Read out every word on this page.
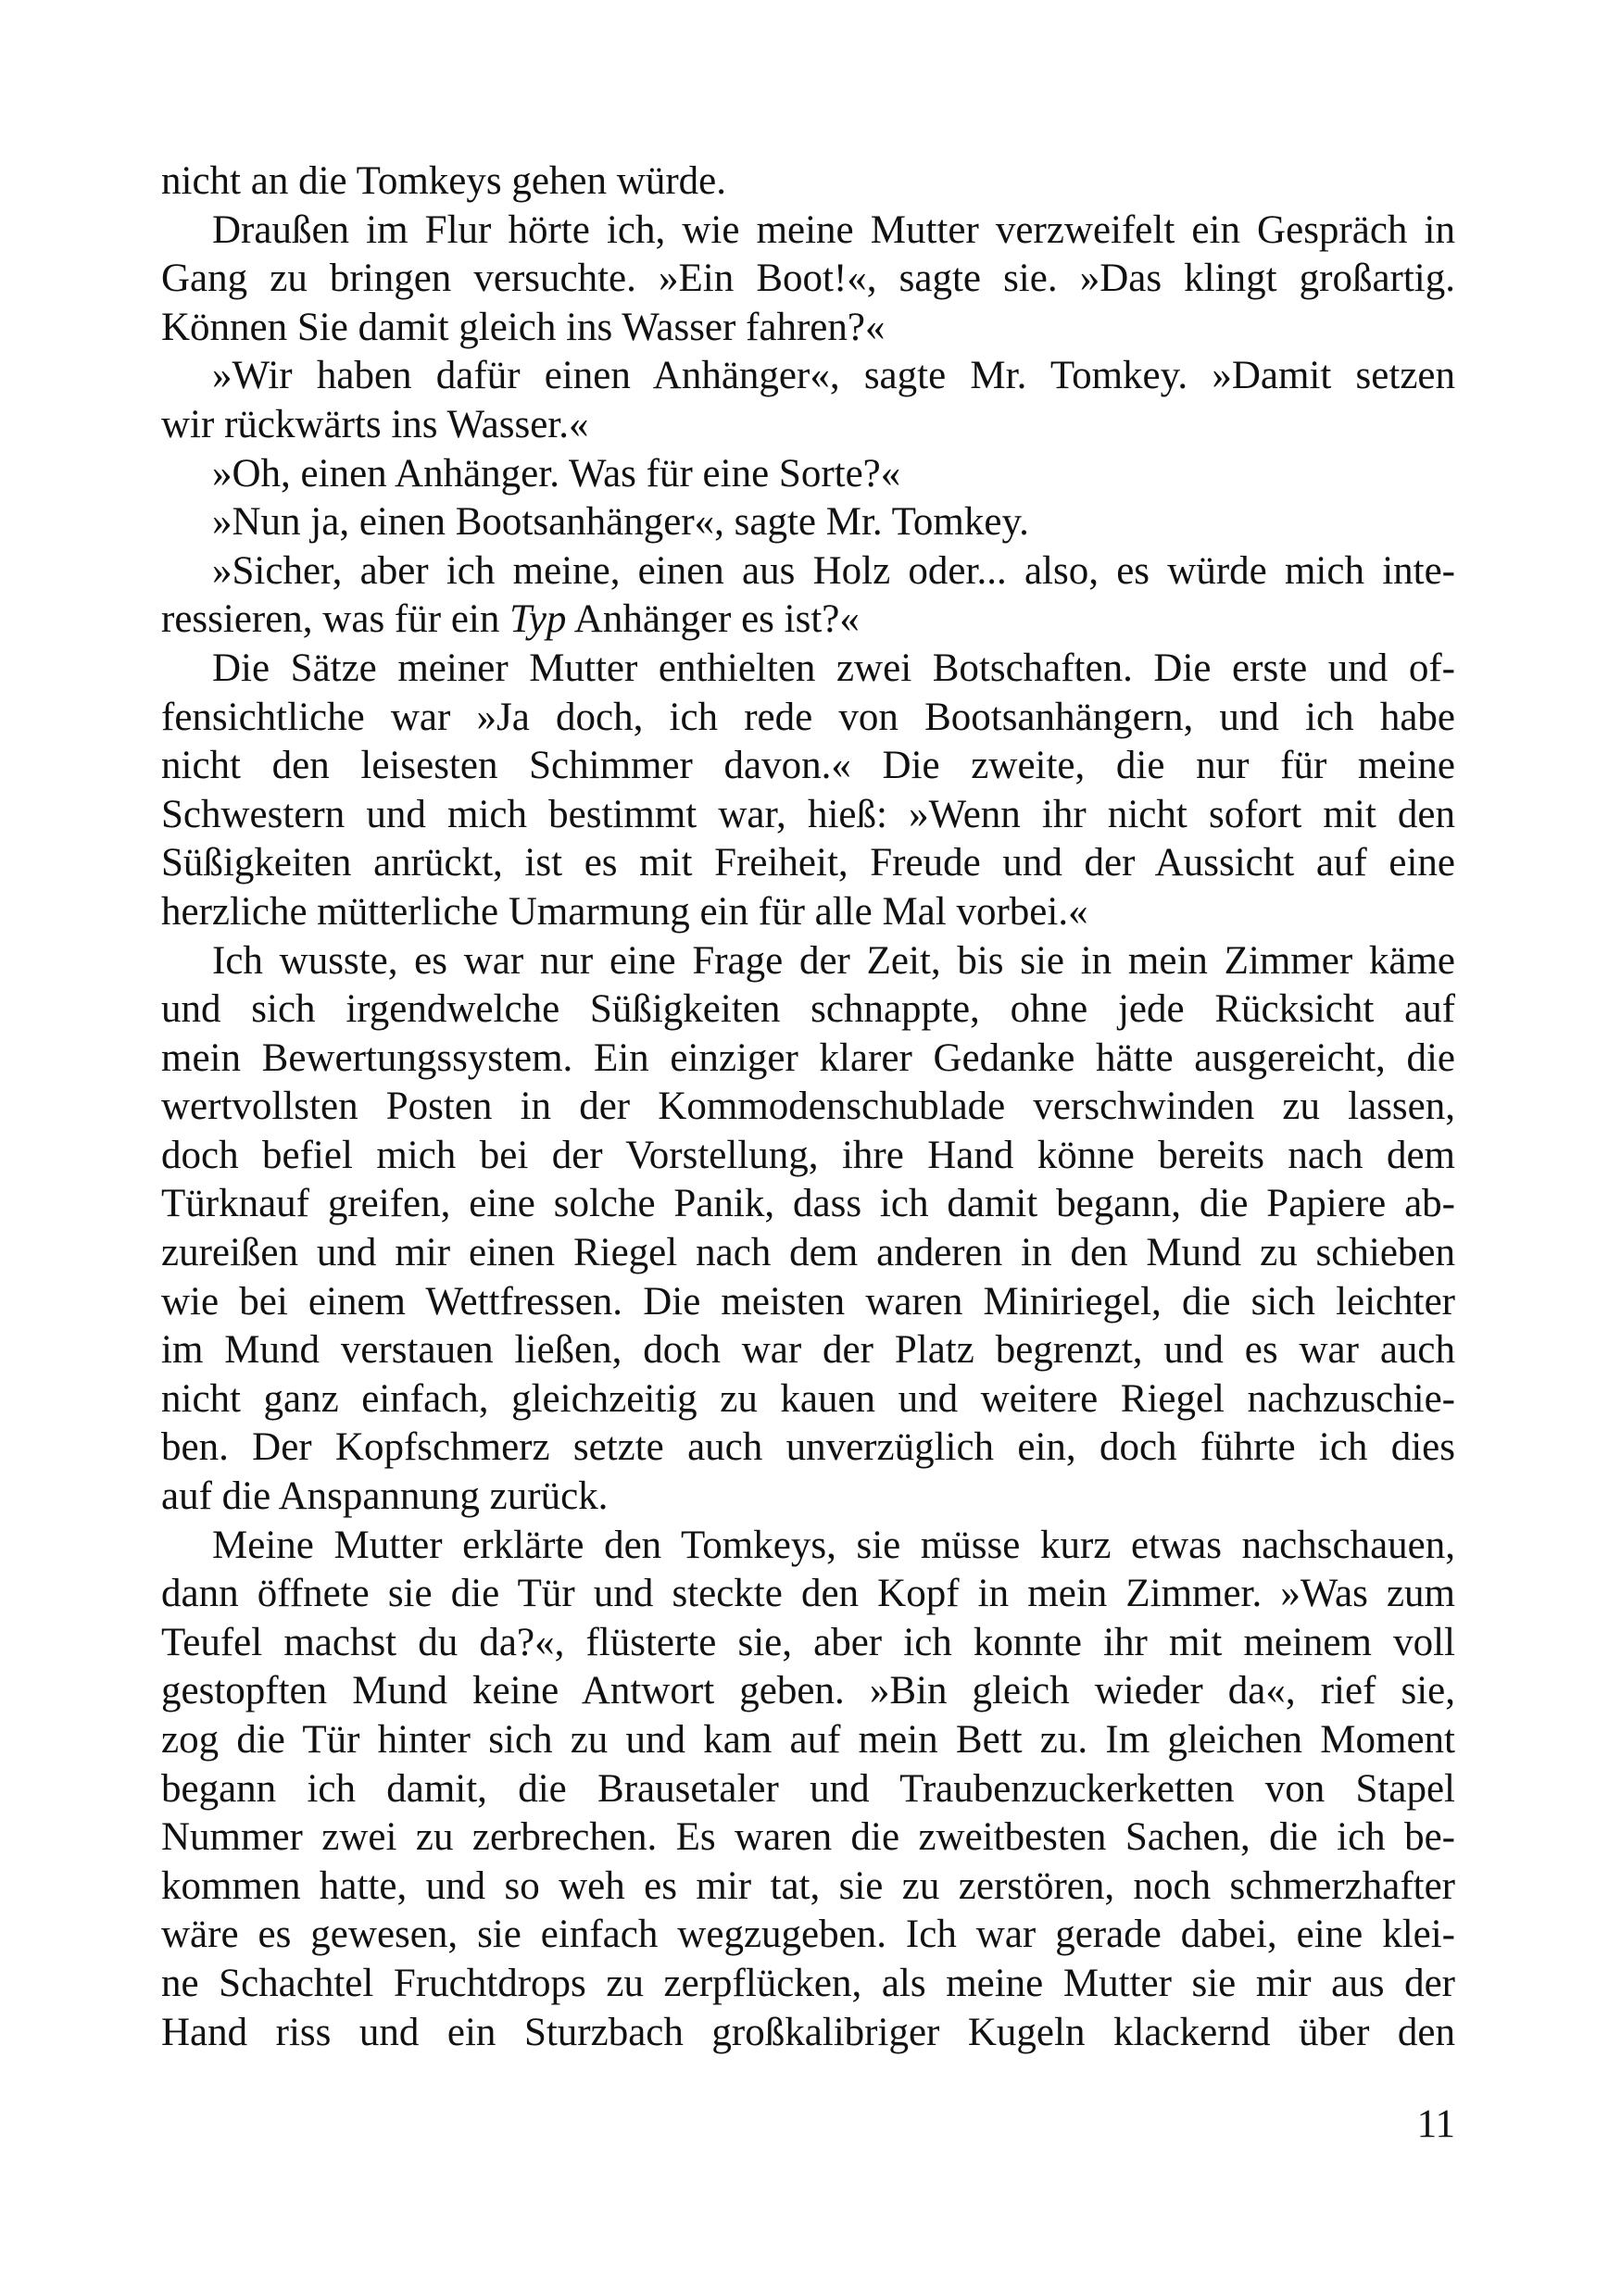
nicht an die Tomkeys gehen würde.
Draußen im Flur hörte ich, wie meine Mutter verzweifelt ein Gespräch in
Gang zu bringen versuchte. »Ein Boot!«, sagte sie. »Das klingt großartig.
Können Sie damit gleich ins Wasser fahren?«
»Wir haben dafür einen Anhänger«, sagte Mr. Tomkey. »Damit setzen
wir rückwärts ins Wasser.«
»Oh, einen Anhänger. Was für eine Sorte?«
»Nun ja, einen Bootsanhänger«, sagte Mr. Tomkey.
»Sicher, aber ich meine, einen aus Holz oder... also, es würde mich inte-
ressieren, was für ein Typ Anhänger es ist?«
Die Sätze meiner Mutter enthielten zwei Botschaften. Die erste und of-
fensichtliche war »Ja doch, ich rede von Bootsanhängern, und ich habe
nicht den leisesten Schimmer davon.« Die zweite, die nur für meine
Schwestern und mich bestimmt war, hieß: »Wenn ihr nicht sofort mit den
Süßigkeiten anrückt, ist es mit Freiheit, Freude und der Aussicht auf eine
herzliche mütterliche Umarmung ein für alle Mal vorbei.«
Ich wusste, es war nur eine Frage der Zeit, bis sie in mein Zimmer käme
und sich irgendwelche Süßigkeiten schnappte, ohne jede Rücksicht auf
mein Bewertungssystem. Ein einziger klarer Gedanke hätte ausgereicht, die
wertvollsten Posten in der Kommodenschublade verschwinden zu lassen,
doch befiel mich bei der Vorstellung, ihre Hand könne bereits nach dem
Türknauf greifen, eine solche Panik, dass ich damit begann, die Papiere ab-
zureißen und mir einen Riegel nach dem anderen in den Mund zu schieben
wie bei einem Wettfressen. Die meisten waren Miniriegel, die sich leichter
im Mund verstauen ließen, doch war der Platz begrenzt, und es war auch
nicht ganz einfach, gleichzeitig zu kauen und weitere Riegel nachzuschie-
ben. Der Kopfschmerz setzte auch unverzüglich ein, doch führte ich dies
auf die Anspannung zurück.
Meine Mutter erklärte den Tomkeys, sie müsse kurz etwas nachschauen,
dann öffnete sie die Tür und steckte den Kopf in mein Zimmer. »Was zum
Teufel machst du da?«, flüsterte sie, aber ich konnte ihr mit meinem voll
gestopften Mund keine Antwort geben. »Bin gleich wieder da«, rief sie,
zog die Tür hinter sich zu und kam auf mein Bett zu. Im gleichen Moment
begann ich damit, die Brausetaler und Traubenzuckerketten von Stapel
Nummer zwei zu zerbrechen. Es waren die zweitbesten Sachen, die ich be-
kommen hatte, und so weh es mir tat, sie zu zerstören, noch schmerzhafter
wäre es gewesen, sie einfach wegzugeben. Ich war gerade dabei, eine klei-
ne Schachtel Fruchtdrops zu zerpflücken, als meine Mutter sie mir aus der
Hand riss und ein Sturzbach großkalibriger Kugeln klackernd über den
11
